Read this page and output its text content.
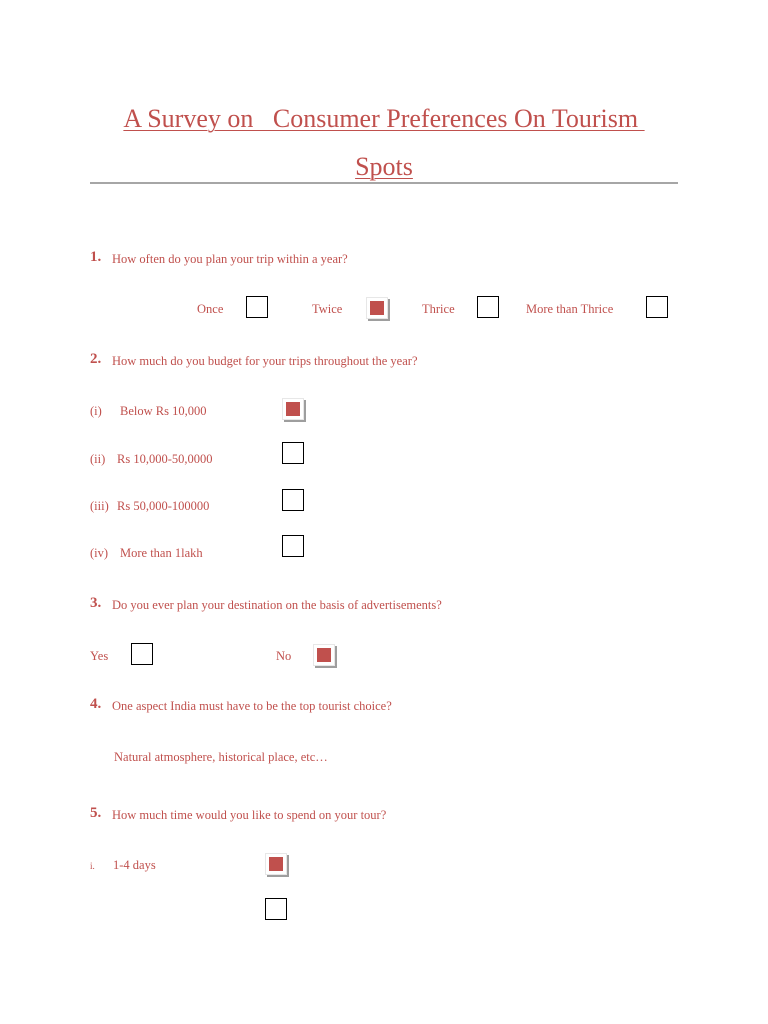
A Survey on   Consumer Preferences On Tourism
Spots
1. How often do you plan your trip within a year?
Once	Twice	Thrice	More than Thrice
2. How much do you budget for your trips throughout the year?
(i) Below Rs 10,000
(ii) Rs 10,000-50,0000
(iii) Rs 50,000-100000
(iv) More than 1lakh
3. Do you ever plan your destination on the basis of advertisements?
Yes	No
4. One aspect India must have to be the top tourist choice?
Natural atmosphere, historical place, etc…
5. How much time would you like to spend on your tour?
i. 1-4 days
